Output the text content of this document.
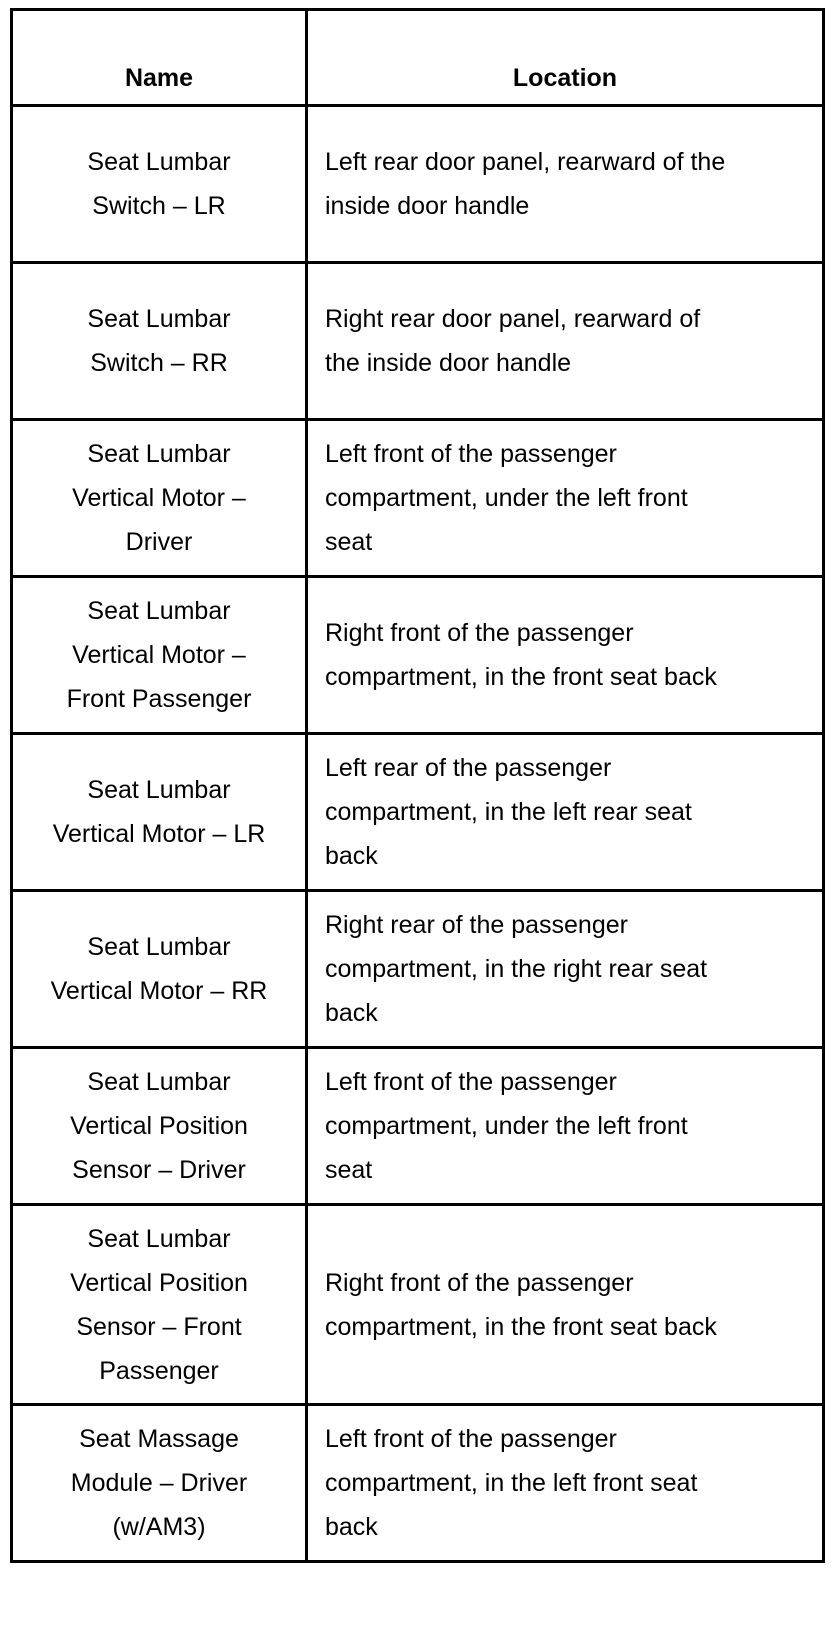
Name	Location

Seat Lumbar
Switch – LR	Left rear door panel, rearward of the
inside door handle

Seat Lumbar
Switch – RR	Right rear door panel, rearward of
the inside door handle

Seat Lumbar
Vertical Motor –
Driver	Left front of the passenger
compartment, under the left front
seat

Seat Lumbar
Vertical Motor –
Front Passenger	Right front of the passenger
compartment, in the front seat back

Seat Lumbar
Vertical Motor – LR	Left rear of the passenger
compartment, in the left rear seat
back

Seat Lumbar
Vertical Motor – RR	Right rear of the passenger
compartment, in the right rear seat
back

Seat Lumbar
Vertical Position
Sensor – Driver	Left front of the passenger
compartment, under the left front
seat

Seat Lumbar
Vertical Position
Sensor – Front
Passenger	Right front of the passenger
compartment, in the front seat back

Seat Massage
Module – Driver
(w/AM3)	Left front of the passenger
compartment, in the left front seat
back
